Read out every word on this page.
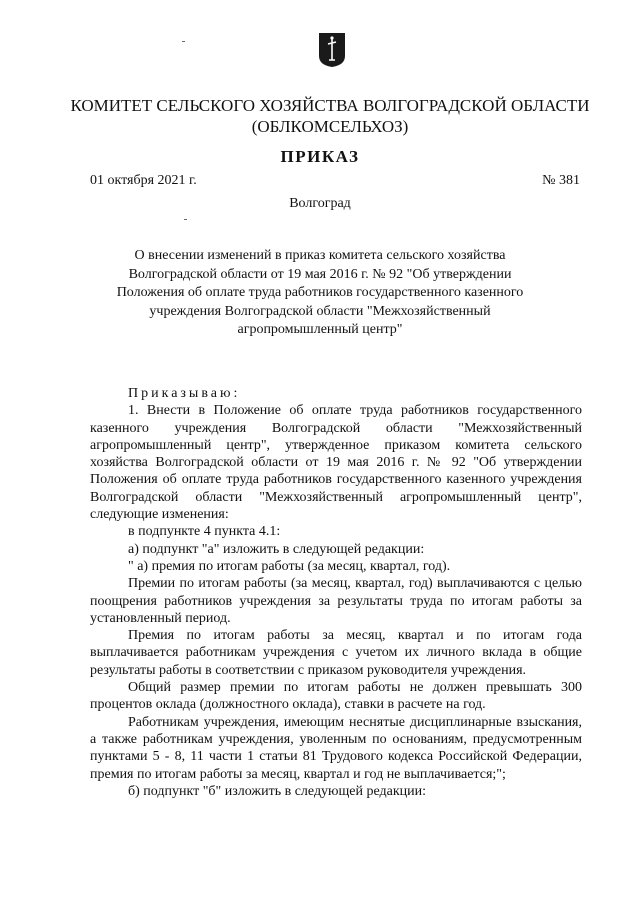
КОМИТЕТ СЕЛЬСКОГО ХОЗЯЙСТВА ВОЛГОГРАДСКОЙ ОБЛАСТИ
(ОБЛКОМСЕЛЬХОЗ)
ПРИКАЗ
01 октября 2021 г.	№ 381
Волгоград
О внесении изменений в приказ комитета сельского хозяйства
Волгоградской области от 19 мая 2016 г. № 92 "Об утверждении
Положения об оплате труда работников государственного казенного
учреждения Волгоградской области "Межхозяйственный
агропромышленный центр"

Приказываю:

1. Внести в Положение об оплате труда работников государственного казенного учреждения Волгоградской области "Межхозяйственный агропромышленный центр", утвержденное приказом комитета сельского хозяйства Волгоградской области от 19 мая 2016 г. № 92 "Об утверждении Положения об оплате труда работников государственного казенного учреждения Волгоградской области "Межхозяйственный агропромышленный центр", следующие изменения:

в подпункте 4 пункта 4.1:

а) подпункт "а" изложить в следующей редакции:

" а) премия по итогам работы (за месяц, квартал, год).

Премии по итогам работы (за месяц, квартал, год) выплачиваются с целью поощрения работников учреждения за результаты труда по итогам работы за установленный период.

Премия по итогам работы за месяц, квартал и по итогам года выплачивается работникам учреждения с учетом их личного вклада в общие результаты работы в соответствии с приказом руководителя учреждения.

Общий размер премии по итогам работы не должен превышать 300 процентов оклада (должностного оклада), ставки в расчете на год.

Работникам учреждения, имеющим неснятые дисциплинарные взыскания, а также работникам учреждения, уволенным по основаниям, предусмотренным пунктами 5 - 8, 11 части 1 статьи 81 Трудового кодекса Российской Федерации, премия по итогам работы за месяц, квартал и год не выплачивается;";

б) подпункт "б" изложить в следующей редакции:
